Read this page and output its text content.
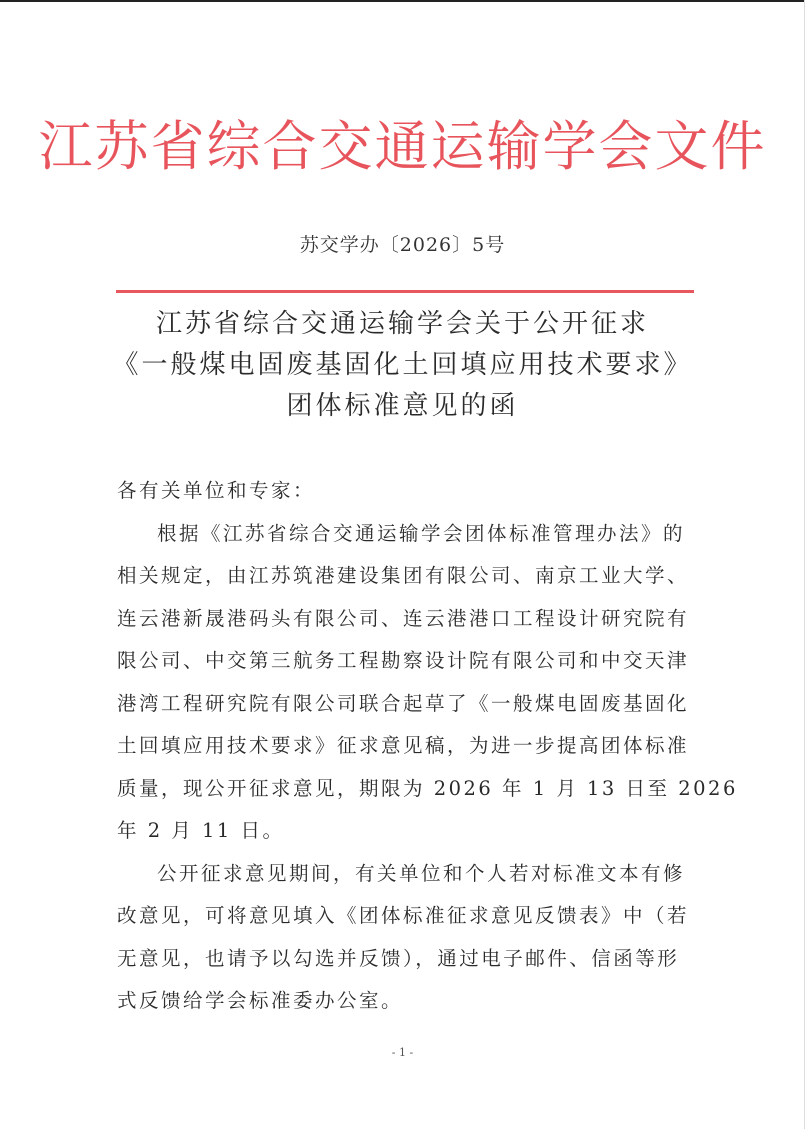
江苏省综合交通运输学会文件
苏交学办〔2026〕5号
江苏省综合交通运输学会关于公开征求
《一般煤电固废基固化土回填应用技术要求》
团体标准意见的函
各有关单位和专家：
根据《江苏省综合交通运输学会团体标准管理办法》的
相关规定，由江苏筑港建设集团有限公司、南京工业大学、
连云港新晟港码头有限公司、连云港港口工程设计研究院有
限公司、中交第三航务工程勘察设计院有限公司和中交天津
港湾工程研究院有限公司联合起草了《一般煤电固废基固化
土回填应用技术要求》征求意见稿，为进一步提高团体标准
质量，现公开征求意见，期限为 2026 年 1 月 13 日至 2026
年 2 月 11 日。
公开征求意见期间，有关单位和个人若对标准文本有修
改意见，可将意见填入《团体标准征求意见反馈表》中（若
无意见，也请予以勾选并反馈），通过电子邮件、信函等形
式反馈给学会标准委办公室。
- 1 -
